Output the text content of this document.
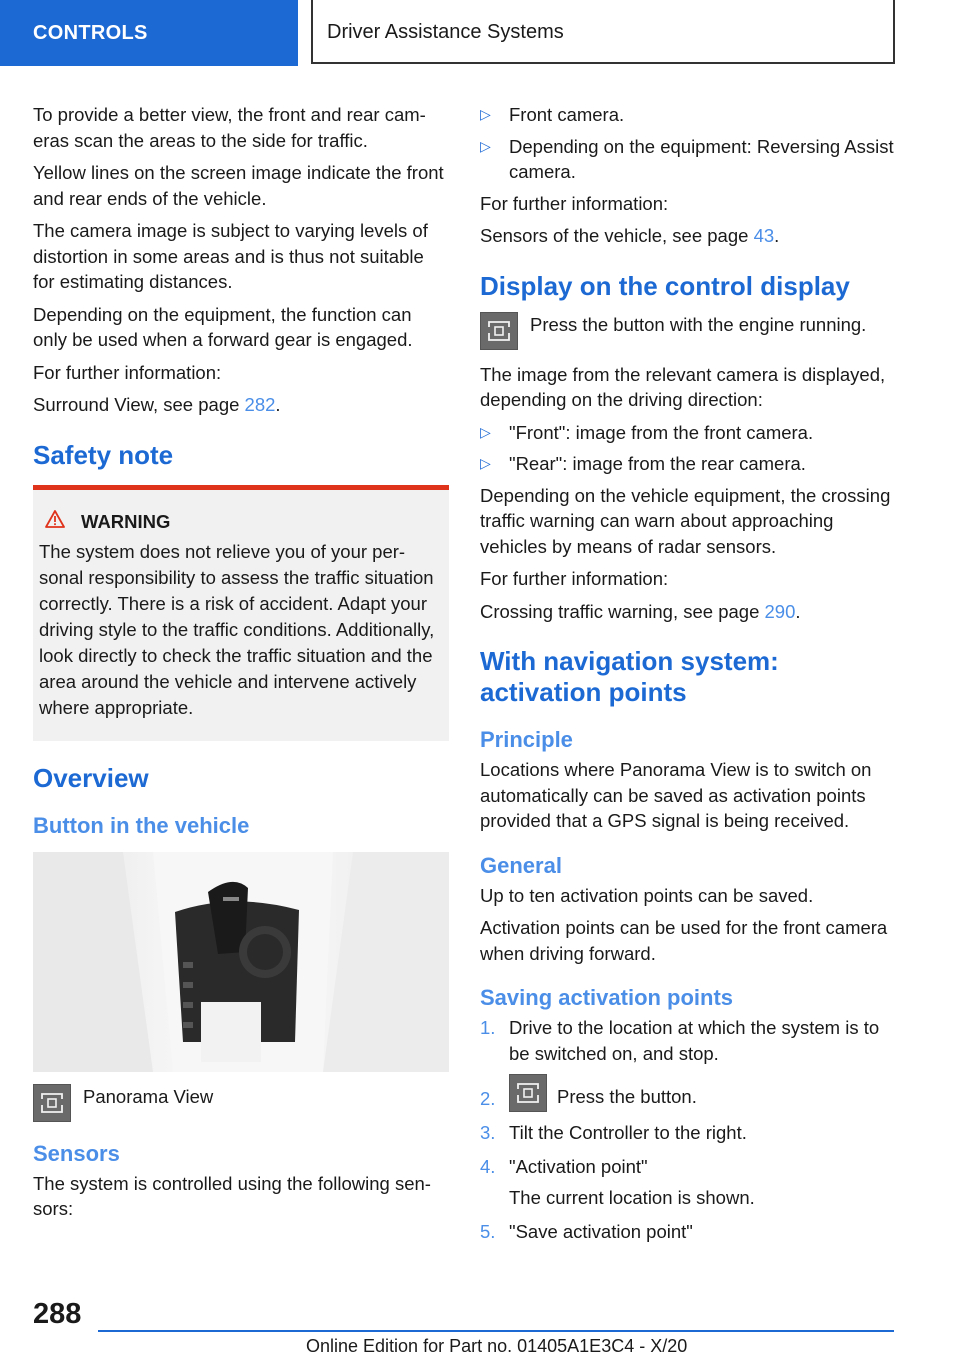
CONTROLS	Driver Assistance Systems

To provide a better view, the front and rear cameras scan the areas to the side for traffic.

Yellow lines on the screen image indicate the front and rear ends of the vehicle.

The camera image is subject to varying levels of distortion in some areas and is thus not suitable for estimating distances.

Depending on the equipment, the function can only be used when a forward gear is engaged.

For further information:

Surround View, see page 282.

Safety note
WARNING
The system does not relieve you of your personal responsibility to assess the traffic situation correctly. There is a risk of accident. Adapt your driving style to the traffic conditions. Additionally, look directly to check the traffic situation and the area around the vehicle and intervene actively where appropriate.
Overview
Button in the vehicle
Panorama View
Sensors

The system is controlled using the following sensors:

▷ Front camera.
▷ Depending on the equipment: Reversing Assist camera.

For further information:

Sensors of the vehicle, see page 43.

Display on the control display
Press the button with the engine running.

The image from the relevant camera is displayed, depending on the driving direction:

▷ "Front": image from the front camera.
▷ "Rear": image from the rear camera.

Depending on the vehicle equipment, the crossing traffic warning can warn about approaching vehicles by means of radar sensors.

For further information:

Crossing traffic warning, see page 290.

With navigation system: activation points
Principle

Locations where Panorama View is to switch on automatically can be saved as activation points provided that a GPS signal is being received.

General

Up to ten activation points can be saved.

Activation points can be used for the front camera when driving forward.

Saving activation points
1. Drive to the location at which the system is to be switched on, and stop.
2.	Press the button.
3. Tilt the Controller to the right.
4. "Activation point"
The current location is shown.
5. "Save activation point"
288
Online Edition for Part no. 01405A1E3C4 - X/20
